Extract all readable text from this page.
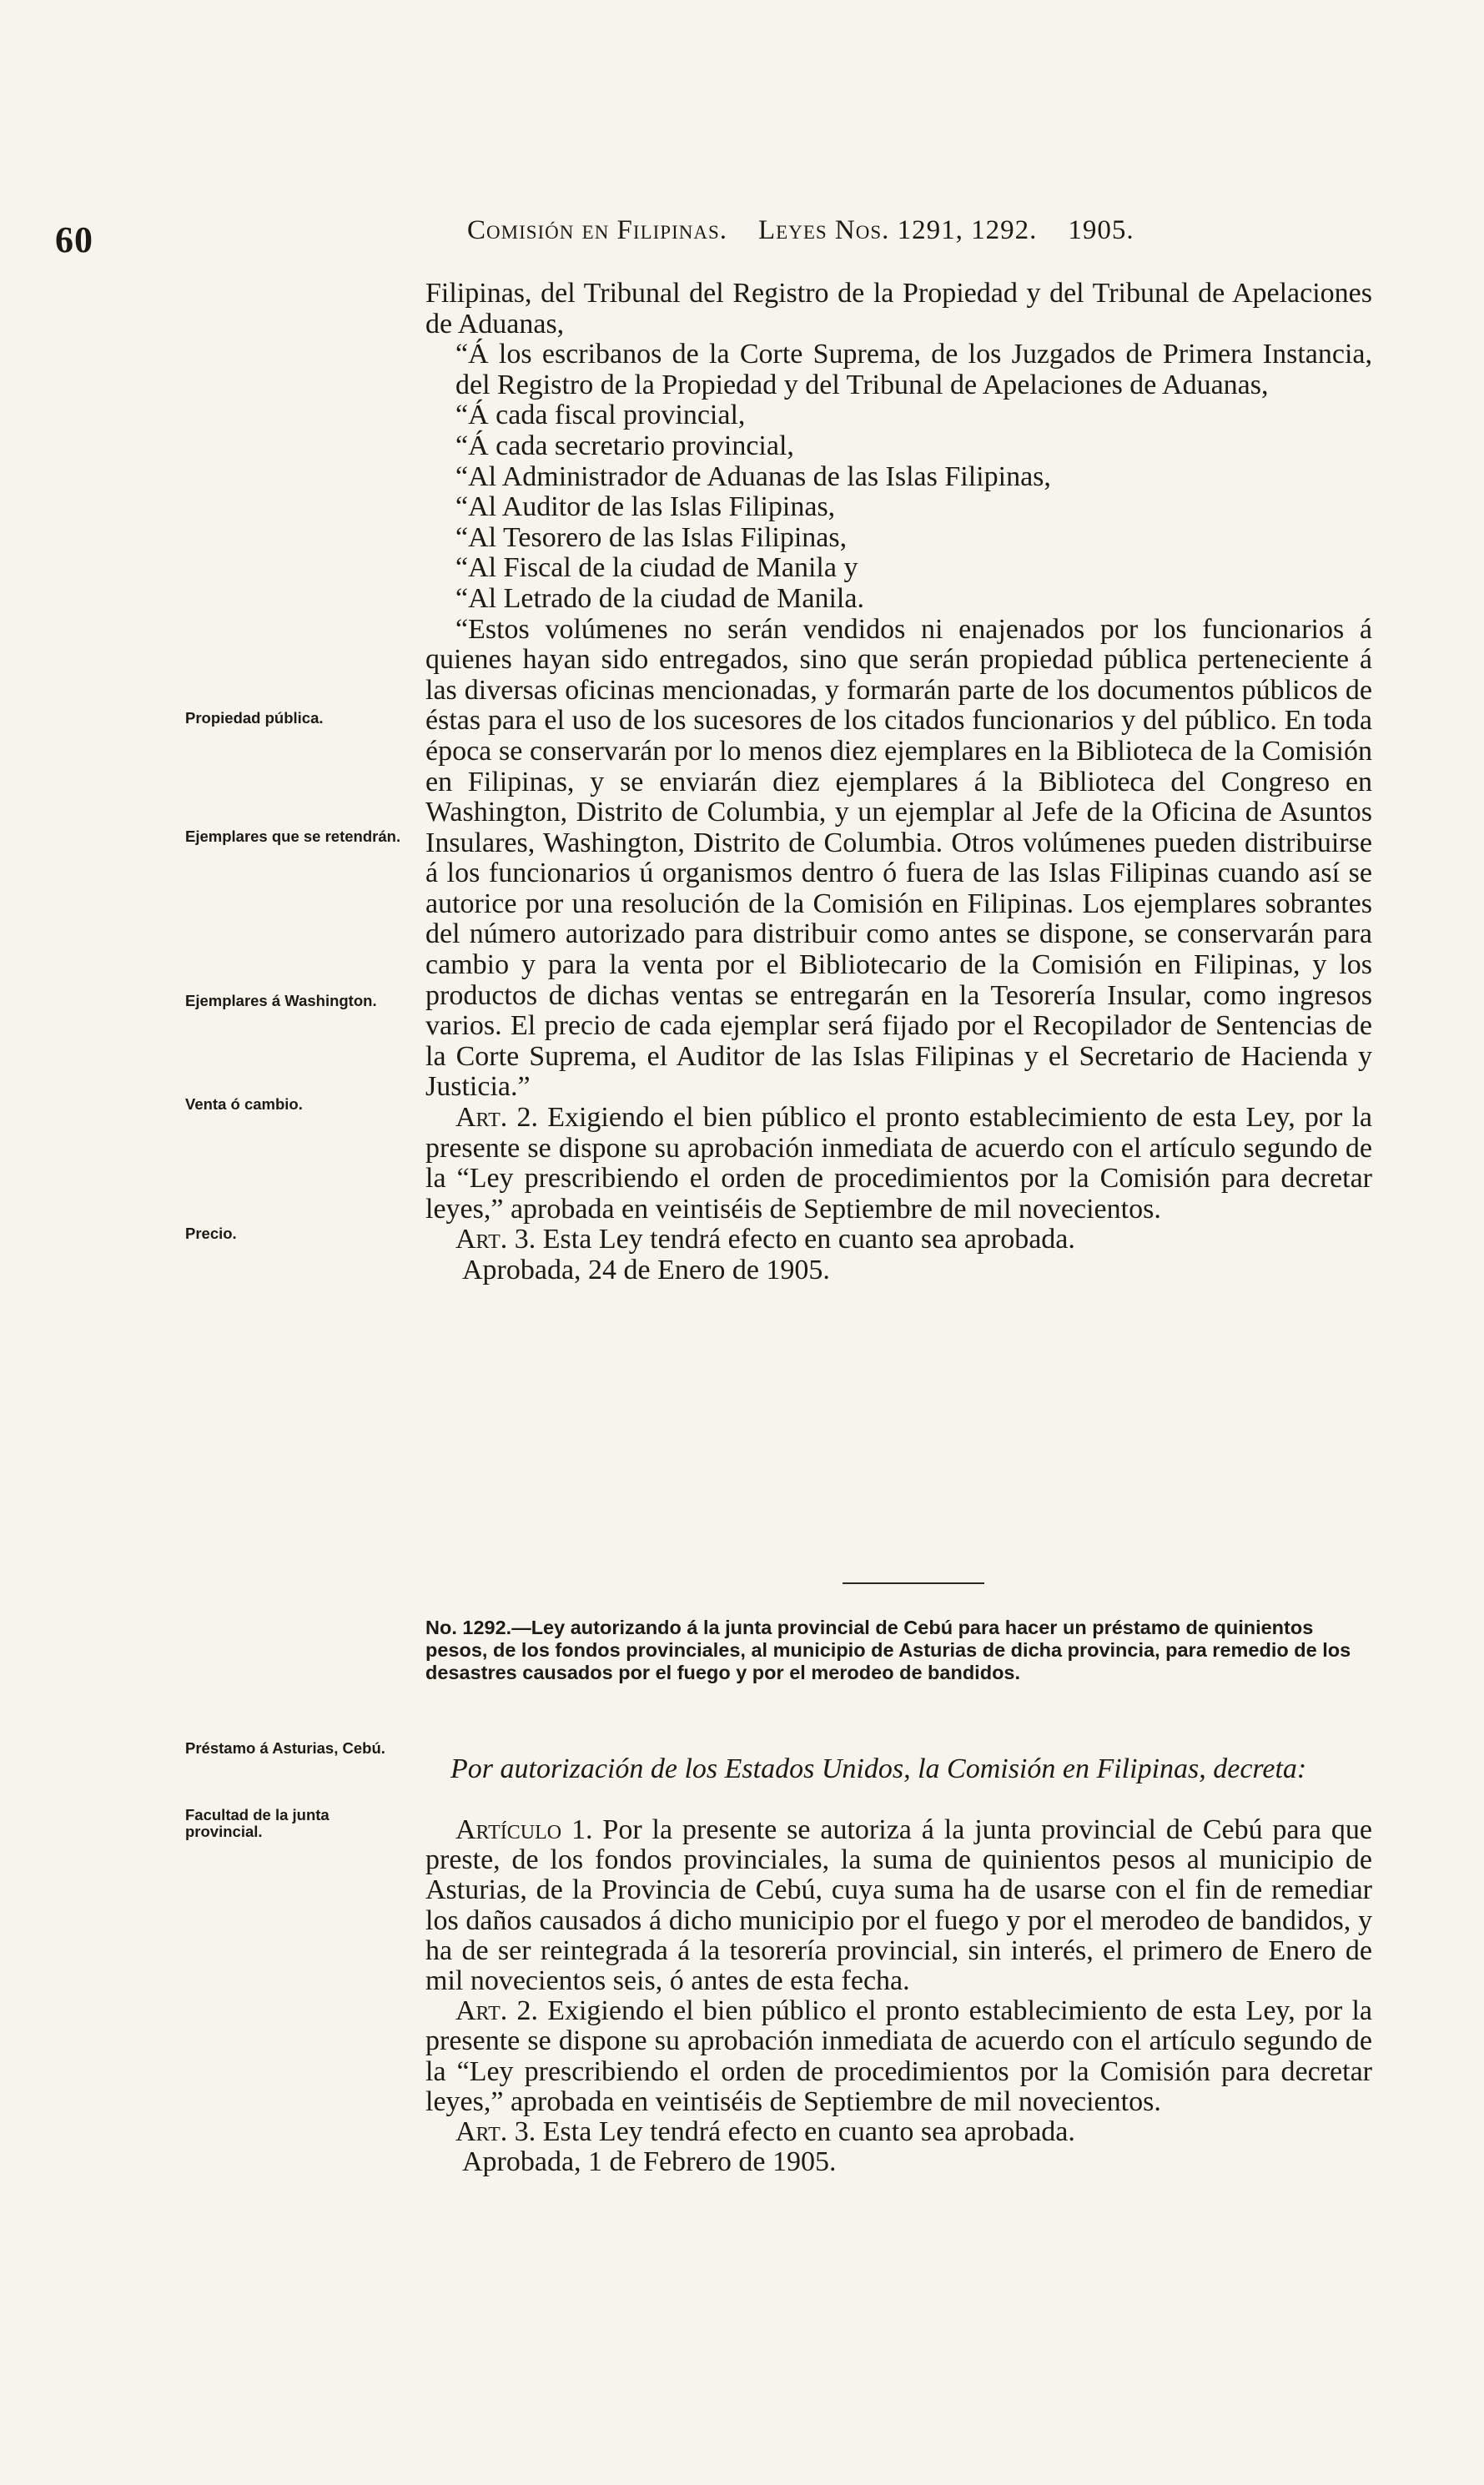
60	Comisión en Filipinas. Leyes Nos. 1291, 1292. 1905.
Propiedad pública.
Ejemplares que se retendrán.
Ejemplares á Washington.
Venta ó cambio.
Precio.
Préstamo á Asturias, Cebú.
Facultad de la junta provincial.

Filipinas, del Tribunal del Registro de la Propiedad y del Tribunal de Apelaciones de Aduanas,

“Á los escribanos de la Corte Suprema, de los Juzgados de Primera Instancia, del Registro de la Propiedad y del Tribunal de Apelaciones de Aduanas,

“Á cada fiscal provincial,

“Á cada secretario provincial,

“Al Administrador de Aduanas de las Islas Filipinas,

“Al Auditor de las Islas Filipinas,

“Al Tesorero de las Islas Filipinas,

“Al Fiscal de la ciudad de Manila y

“Al Letrado de la ciudad de Manila.

“Estos volúmenes no serán vendidos ni enajenados por los funcionarios á quienes hayan sido entregados, sino que serán propiedad pública perteneciente á las diversas oficinas mencionadas, y formarán parte de los documentos públicos de éstas para el uso de los sucesores de los citados funcionarios y del público. En toda época se conservarán por lo menos diez ejemplares en la Biblioteca de la Comisión en Filipinas, y se enviarán diez ejemplares á la Biblioteca del Congreso en Washington, Distrito de Columbia, y un ejemplar al Jefe de la Oficina de Asuntos Insulares, Washington, Distrito de Columbia. Otros volúmenes pueden distribuirse á los funcionarios ú organismos dentro ó fuera de las Islas Filipinas cuando así se autorice por una resolución de la Comisión en Filipinas. Los ejemplares sobrantes del número autorizado para distribuir como antes se dispone, se conservarán para cambio y para la venta por el Bibliotecario de la Comisión en Filipinas, y los productos de dichas ventas se entregarán en la Tesorería Insular, como ingresos varios. El precio de cada ejemplar será fijado por el Recopilador de Sentencias de la Corte Suprema, el Auditor de las Islas Filipinas y el Secretario de Hacienda y Justicia.”

Art. 2. Exigiendo el bien público el pronto establecimiento de esta Ley, por la presente se dispone su aprobación inmediata de acuerdo con el artículo segundo de la “Ley prescribiendo el orden de procedimientos por la Comisión para decretar leyes,” aprobada en veintiséis de Septiembre de mil novecientos.

Art. 3. Esta Ley tendrá efecto en cuanto sea aprobada.

Aprobada, 24 de Enero de 1905.

No. 1292.—Ley autorizando á la junta provincial de Cebú para hacer un préstamo de quinientos pesos, de los fondos provinciales, al municipio de Asturias de dicha provincia, para remedio de los desastres causados por el fuego y por el merodeo de bandidos.
Por autorización de los Estados Unidos, la Comisión en Filipinas, decreta:

Artículo 1. Por la presente se autoriza á la junta provincial de Cebú para que preste, de los fondos provinciales, la suma de quinientos pesos al municipio de Asturias, de la Provincia de Cebú, cuya suma ha de usarse con el fin de remediar los daños causados á dicho municipio por el fuego y por el merodeo de bandidos, y ha de ser reintegrada á la tesorería provincial, sin interés, el primero de Enero de mil novecientos seis, ó antes de esta fecha.

Art. 2. Exigiendo el bien público el pronto establecimiento de esta Ley, por la presente se dispone su aprobación inmediata de acuerdo con el artículo segundo de la “Ley prescribiendo el orden de procedimientos por la Comisión para decretar leyes,” aprobada en veintiséis de Septiembre de mil novecientos.

Art. 3. Esta Ley tendrá efecto en cuanto sea aprobada.

Aprobada, 1 de Febrero de 1905.
